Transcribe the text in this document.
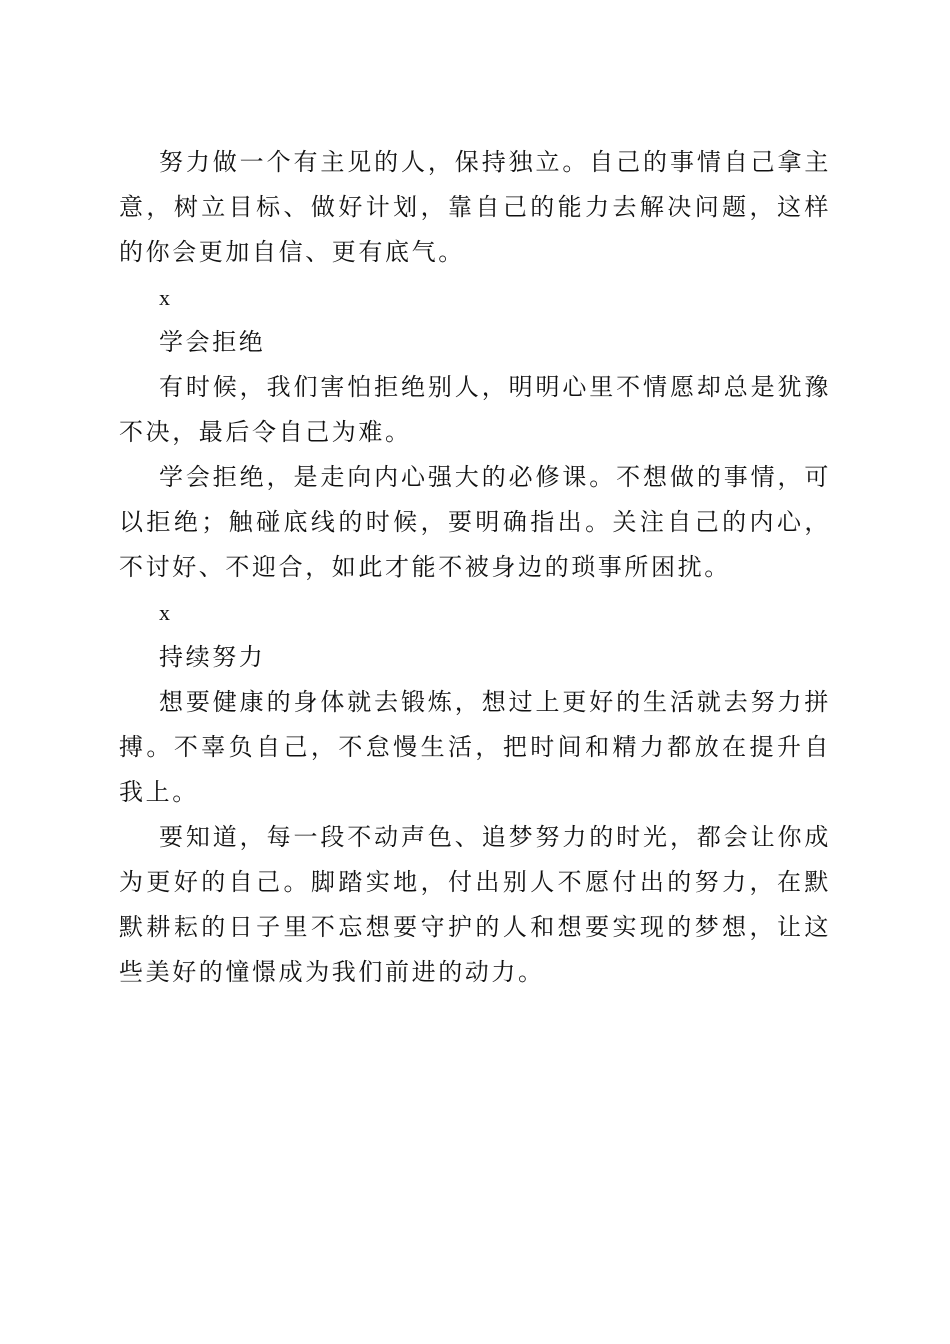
努力做一个有主见的人，保持独立。自己的事情自己拿主意，树立目标、做好计划，靠自己的能力去解决问题，这样的你会更加自信、更有底气。

x

学会拒绝

有时候，我们害怕拒绝别人，明明心里不情愿却总是犹豫不决，最后令自己为难。

学会拒绝，是走向内心强大的必修课。不想做的事情，可以拒绝；触碰底线的时候，要明确指出。关注自己的内心，不讨好、不迎合，如此才能不被身边的琐事所困扰。

x

持续努力

想要健康的身体就去锻炼，想过上更好的生活就去努力拼搏。不辜负自己，不怠慢生活，把时间和精力都放在提升自我上。

要知道，每一段不动声色、追梦努力的时光，都会让你成为更好的自己。脚踏实地，付出别人不愿付出的努力，在默默耕耘的日子里不忘想要守护的人和想要实现的梦想，让这些美好的憧憬成为我们前进的动力。
